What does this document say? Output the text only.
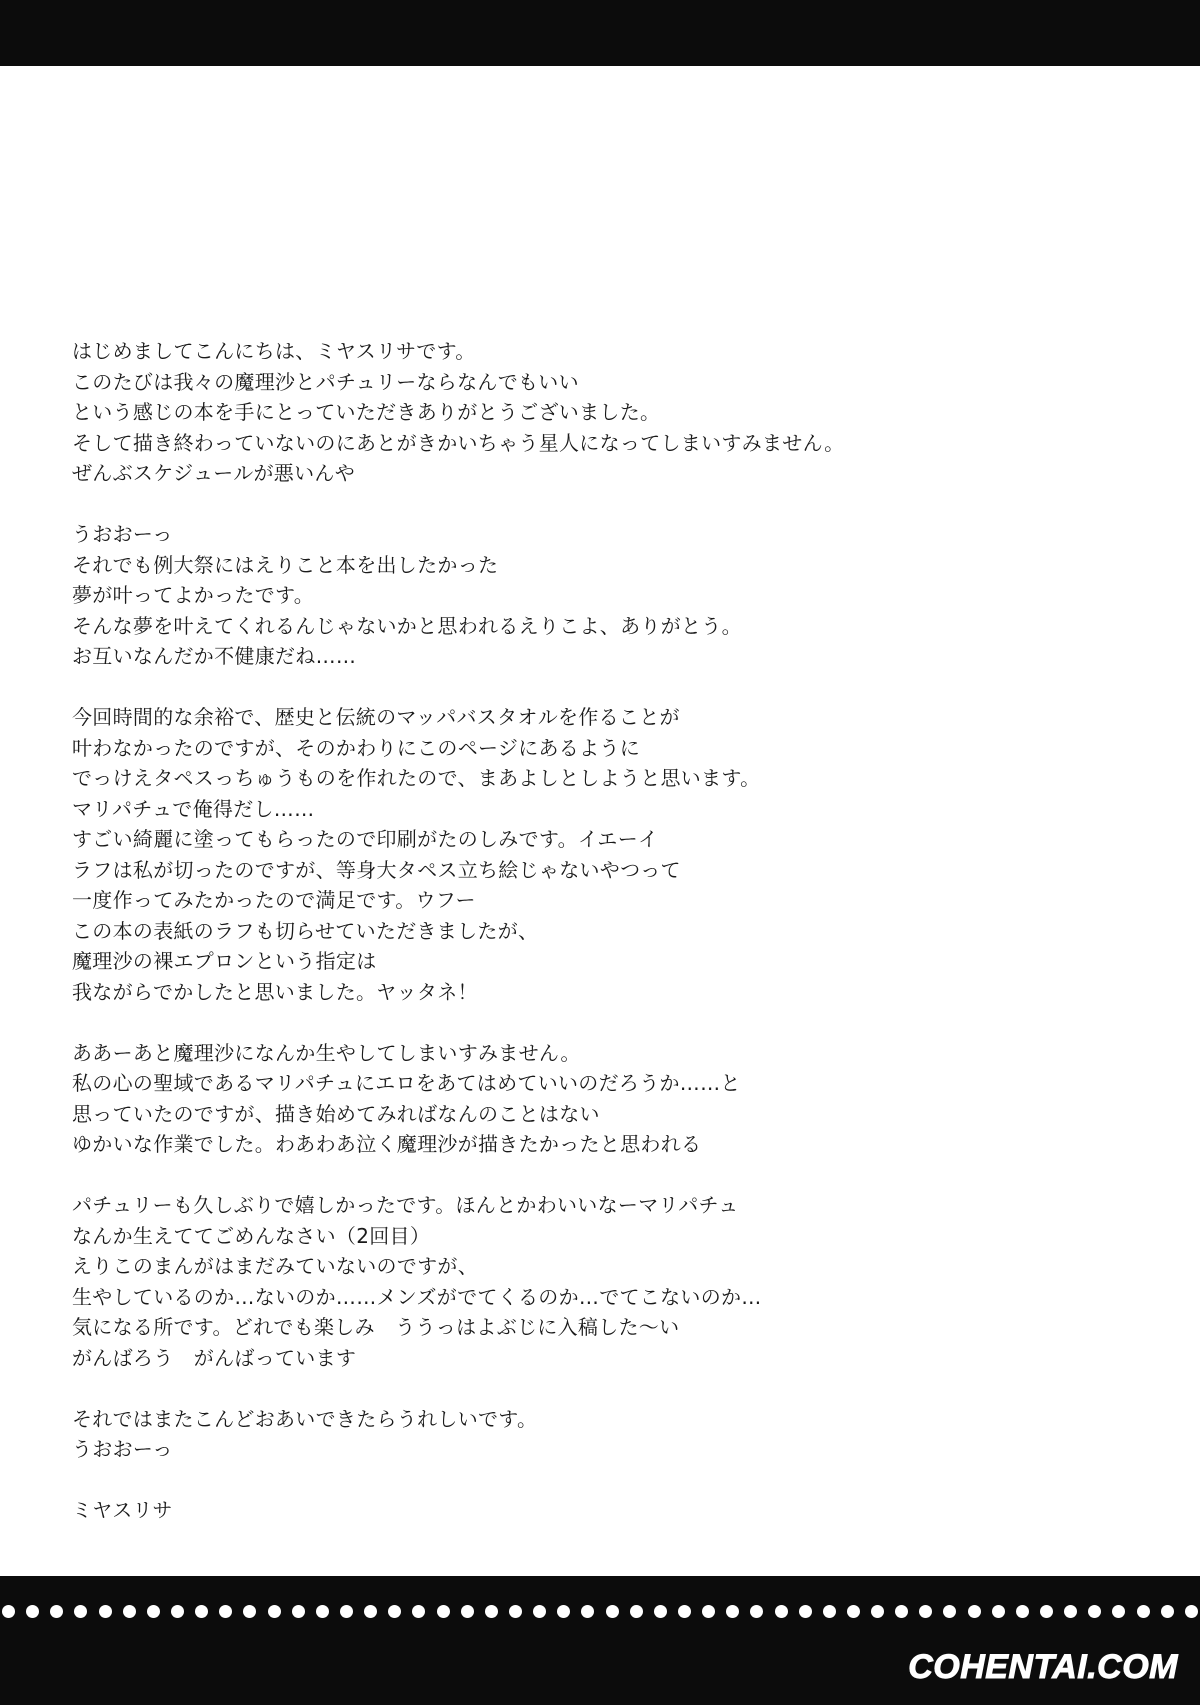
はじめましてこんにちは、ミヤスリサです。
このたびは我々の魔理沙とパチュリーならなんでもいい
という感じの本を手にとっていただきありがとうございました。
そして描き終わっていないのにあとがきかいちゃう星人になってしまいすみません。
ぜんぶスケジュールが悪いんや
うおおーっ
それでも例大祭にはえりこと本を出したかった
夢が叶ってよかったです。
そんな夢を叶えてくれるんじゃないかと思われるえりこよ、ありがとう。
お互いなんだか不健康だね……
今回時間的な余裕で、歴史と伝統のマッパバスタオルを作ることが
叶わなかったのですが、そのかわりにこのページにあるように
でっけえタペスっちゅうものを作れたので、まあよしとしようと思います。
マリパチュで俺得だし……
すごい綺麗に塗ってもらったので印刷がたのしみです。イエーイ
ラフは私が切ったのですが、等身大タペス立ち絵じゃないやつって
一度作ってみたかったので満足です。ウフー
この本の表紙のラフも切らせていただきましたが、
魔理沙の裸エプロンという指定は
我ながらでかしたと思いました。ヤッタネ！
ああーあと魔理沙になんか生やしてしまいすみません。
私の心の聖域であるマリパチュにエロをあてはめていいのだろうか……と
思っていたのですが、描き始めてみればなんのことはない
ゆかいな作業でした。わあわあ泣く魔理沙が描きたかったと思われる
パチュリーも久しぶりで嬉しかったです。ほんとかわいいなーマリパチュ
なんか生えててごめんなさい（2回目）
えりこのまんがはまだみていないのですが、
生やしているのか…ないのか……メンズがでてくるのか…でてこないのか…
気になる所です。どれでも楽しみ　ううっはよぶじに入稿した～い
がんばろう　がんばっています
それではまたこんどおあいできたらうれしいです。
うおおーっ
ミヤスリサ
COHENTAI.COM
